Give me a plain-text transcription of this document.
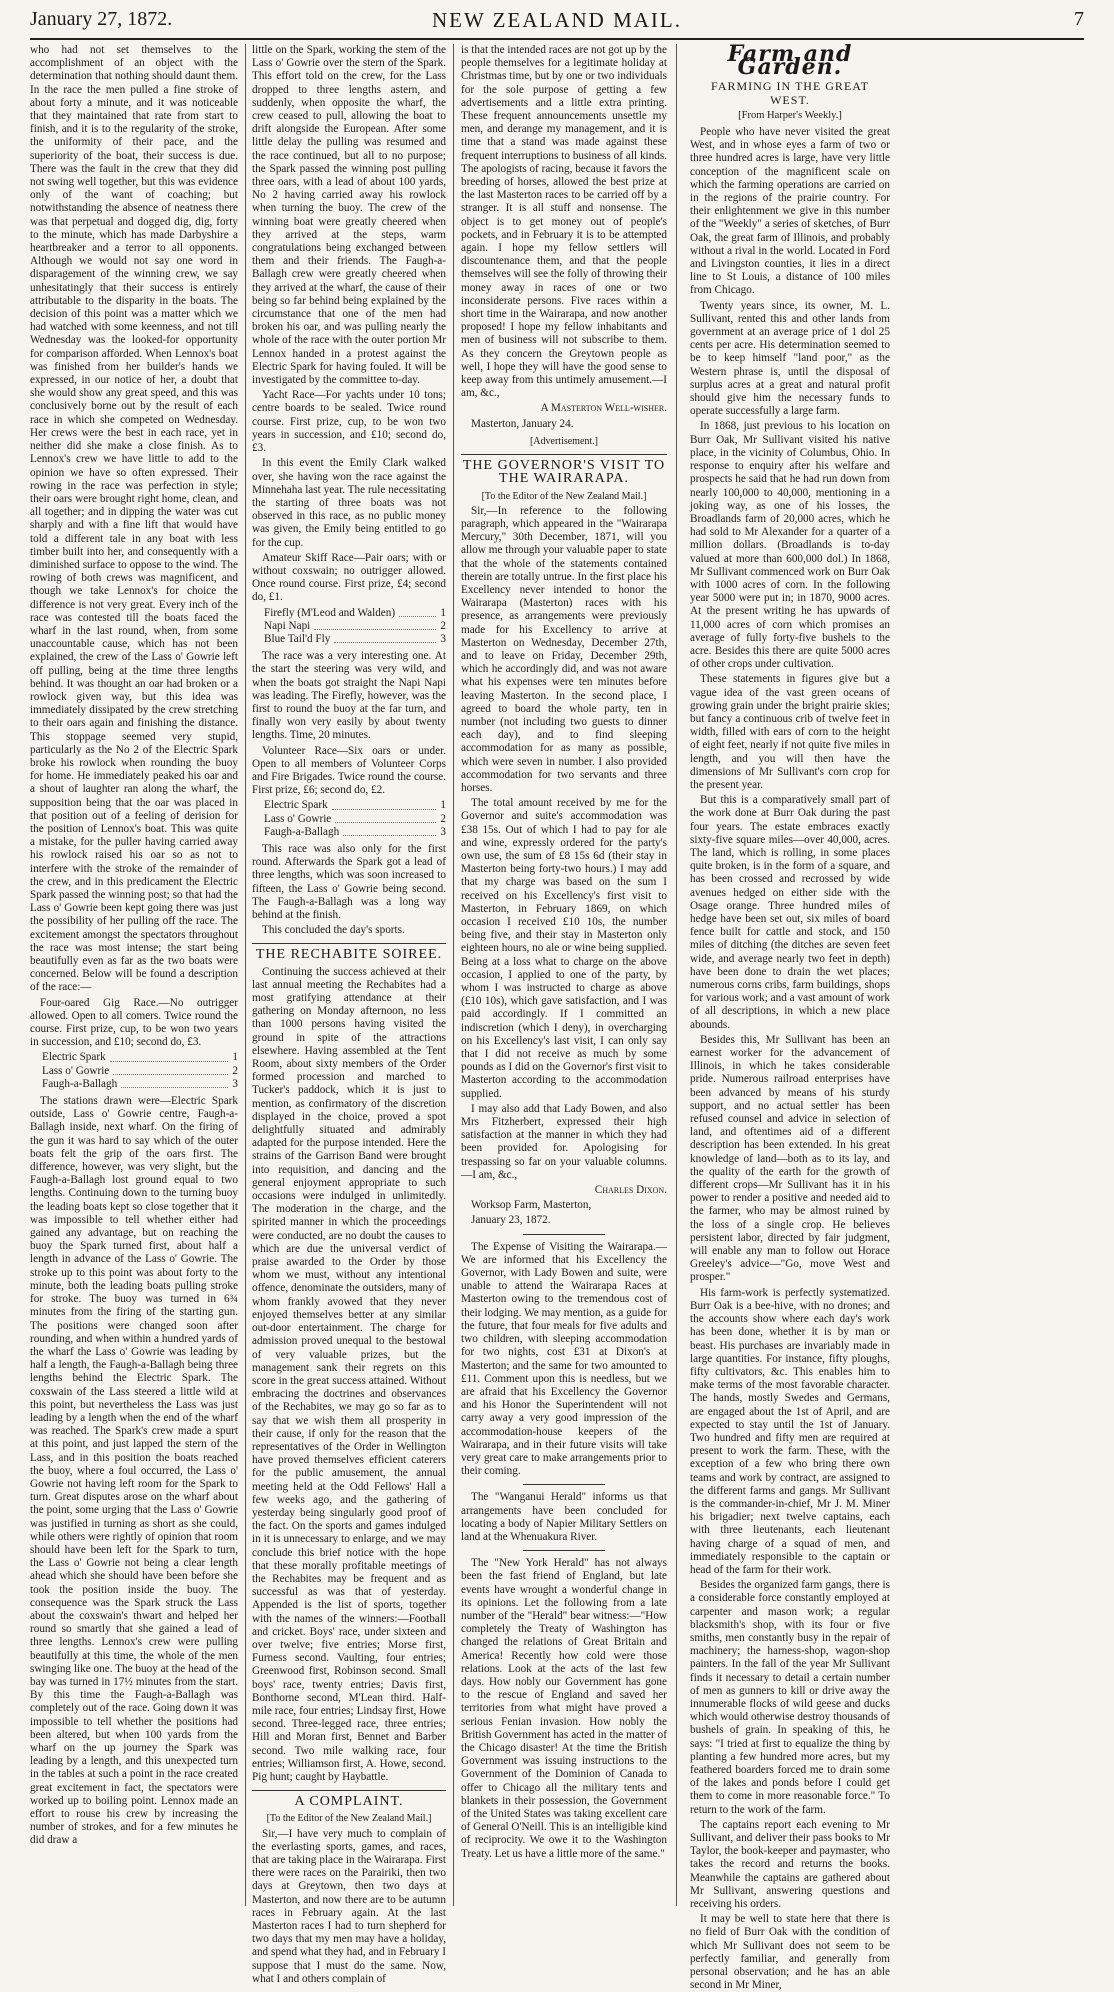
January 27, 1872.	NEW ZEALAND MAIL.	7

who had not set themselves to the accomplishment of an object with the determination that nothing should daunt them. In the race the men pulled a fine stroke of about forty a minute, and it was noticeable that they maintained that rate from start to finish, and it is to the regularity of the stroke, the uniformity of their pace, and the superiority of the boat, their success is due. There was the fault in the crew that they did not swing well together, but this was evidence only of the want of coaching; but notwithstanding the absence of neatness there was that perpetual and dogged dig, dig, forty to the minute, which has made Darbyshire a heartbreaker and a terror to all opponents. Although we would not say one word in disparagement of the winning crew, we say unhesitatingly that their success is entirely attributable to the disparity in the boats. The decision of this point was a matter which we had watched with some keenness, and not till Wednesday was the looked-for opportunity for comparison afforded. When Lennox's boat was finished from her builder's hands we expressed, in our notice of her, a doubt that she would show any great speed, and this was conclusively borne out by the result of each race in which she competed on Wednesday. Her crews were the best in each race, yet in neither did she make a close finish. As to Lennox's crew we have little to add to the opinion we have so often expressed. Their rowing in the race was perfection in style; their oars were brought right home, clean, and all together; and in dipping the water was cut sharply and with a fine lift that would have told a different tale in any boat with less timber built into her, and consequently with a diminished surface to oppose to the wind. The rowing of both crews was magnificent, and though we take Lennox's for choice the difference is not very great. Every inch of the race was contested till the boats faced the wharf in the last round, when, from some unaccountable cause, which has not been explained, the crew of the Lass o' Gowrie left off pulling, being at the time three lengths behind. It was thought an oar had broken or a rowlock given way, but this idea was immediately dissipated by the crew stretching to their oars again and finishing the distance. This stoppage seemed very stupid, particularly as the No 2 of the Electric Spark broke his rowlock when rounding the buoy for home. He immediately peaked his oar and a shout of laughter ran along the wharf, the supposition being that the oar was placed in that position out of a feeling of derision for the position of Lennox's boat. This was quite a mistake, for the puller having carried away his rowlock raised his oar so as not to interfere with the stroke of the remainder of the crew, and in this predicament the Electric Spark passed the winning post; so that had the Lass o' Gowrie been kept going there was just the possibility of her pulling off the race. The excitement amongst the spectators throughout the race was most intense; the start being beautifully even as far as the two boats were concerned. Below will be found a description of the race:—

Four-oared Gig Race.—No outrigger allowed. Open to all comers. Twice round the course. First prize, cup, to be won two years in succession, and £10; second do, £3.

Electric Spark	1
Lass o' Gowrie	2
Faugh-a-Ballagh	3

The stations drawn were—Electric Spark outside, Lass o' Gowrie centre, Faugh-a-Ballagh inside, next wharf. On the firing of the gun it was hard to say which of the outer boats felt the grip of the oars first. The difference, however, was very slight, but the Faugh-a-Ballagh lost ground equal to two lengths. Continuing down to the turning buoy the leading boats kept so close together that it was impossible to tell whether either had gained any advantage, but on reaching the buoy the Spark turned first, about half a length in advance of the Lass o' Gowrie. The stroke up to this point was about forty to the minute, both the leading boats pulling stroke for stroke. The buoy was turned in 6¾ minutes from the firing of the starting gun. The positions were changed soon after rounding, and when within a hundred yards of the wharf the Lass o' Gowrie was leading by half a length, the Faugh-a-Ballagh being three lengths behind the Electric Spark. The coxswain of the Lass steered a little wild at this point, but nevertheless the Lass was just leading by a length when the end of the wharf was reached. The Spark's crew made a spurt at this point, and just lapped the stern of the Lass, and in this position the boats reached the buoy, where a foul occurred, the Lass o' Gowrie not having left room for the Spark to turn. Great disputes arose on the wharf about the point, some urging that the Lass o' Gowrie was justified in turning as short as she could, while others were rightly of opinion that room should have been left for the Spark to turn, the Lass o' Gowrie not being a clear length ahead which she should have been before she took the position inside the buoy. The consequence was the Spark struck the Lass about the coxswain's thwart and helped her round so smartly that she gained a lead of three lengths. Lennox's crew were pulling beautifully at this time, the whole of the men swinging like one. The buoy at the head of the bay was turned in 17½ minutes from the start. By this time the Faugh-a-Ballagh was completely out of the race. Going down it was impossible to tell whether the positions had been altered, but when 100 yards from the wharf on the up journey the Spark was leading by a length, and this unexpected turn in the tables at such a point in the race created great excitement in fact, the spectators were worked up to boiling point. Lennox made an effort to rouse his crew by increasing the number of strokes, and for a few minutes he did draw a

little on the Spark, working the stem of the Lass o' Gowrie over the stern of the Spark. This effort told on the crew, for the Lass dropped to three lengths astern, and suddenly, when opposite the wharf, the crew ceased to pull, allowing the boat to drift alongside the European. After some little delay the pulling was resumed and the race continued, but all to no purpose; the Spark passed the winning post pulling three oars, with a lead of about 100 yards, No 2 having carried away his rowlock when turning the buoy. The crew of the winning boat were greatly cheered when they arrived at the steps, warm congratulations being exchanged between them and their friends. The Faugh-a-Ballagh crew were greatly cheered when they arrived at the wharf, the cause of their being so far behind being explained by the circumstance that one of the men had broken his oar, and was pulling nearly the whole of the race with the outer portion Mr Lennox handed in a protest against the Electric Spark for having fouled. It will be investigated by the committee to-day.

Yacht Race—For yachts under 10 tons; centre boards to be sealed. Twice round course. First prize, cup, to be won two years in succession, and £10; second do, £3.

In this event the Emily Clark walked over, she having won the race against the Minnehaha last year. The rule necessitating the starting of three boats was not observed in this race, as no public money was given, the Emily being entitled to go for the cup.

Amateur Skiff Race—Pair oars; with or without coxswain; no outrigger allowed. Once round course. First prize, £4; second do, £1.

Firefly (M'Leod and Walden)	1
Napi Napi	2
Blue Tail'd Fly	3

The race was a very interesting one. At the start the steering was very wild, and when the boats got straight the Napi Napi was leading. The Firefly, however, was the first to round the buoy at the far turn, and finally won very easily by about twenty lengths. Time, 20 minutes.

Volunteer Race—Six oars or under. Open to all members of Volunteer Corps and Fire Brigades. Twice round the course. First prize, £6; second do, £2.

Electric Spark	1
Lass o' Gowrie	2
Faugh-a-Ballagh	3

This race was also only for the first round. Afterwards the Spark got a lead of three lengths, which was soon increased to fifteen, the Lass o' Gowrie being second. The Faugh-a-Ballagh was a long way behind at the finish.

This concluded the day's sports.

THE RECHABITE SOIREE.

Continuing the success achieved at their last annual meeting the Rechabites had a most gratifying attendance at their gathering on Monday afternoon, no less than 1000 persons having visited the ground in spite of the attractions elsewhere. Having assembled at the Tent Room, about sixty members of the Order formed procession and marched to Tucker's paddock, which it is just to mention, as confirmatory of the discretion displayed in the choice, proved a spot delightfully situated and admirably adapted for the purpose intended. Here the strains of the Garrison Band were brought into requisition, and dancing and the general enjoyment appropriate to such occasions were indulged in unlimitedly. The moderation in the charge, and the spirited manner in which the proceedings were conducted, are no doubt the causes to which are due the universal verdict of praise awarded to the Order by those whom we must, without any intentional offence, denominate the outsiders, many of whom frankly avowed that they never enjoyed themselves better at any similar out-door entertainment. The charge for admission proved unequal to the bestowal of very valuable prizes, but the management sank their regrets on this score in the great success attained. Without embracing the doctrines and observances of the Rechabites, we may go so far as to say that we wish them all prosperity in their cause, if only for the reason that the representatives of the Order in Wellington have proved themselves efficient caterers for the public amusement, the annual meeting held at the Odd Fellows' Hall a few weeks ago, and the gathering of yesterday being singularly good proof of the fact. On the sports and games indulged in it is unnecessary to enlarge, and we may conclude this brief notice with the hope that these morally profitable meetings of the Rechabites may be frequent and as successful as was that of yesterday. Appended is the list of sports, together with the names of the winners:—Football and cricket. Boys' race, under sixteen and over twelve; five entries; Morse first, Furness second. Vaulting, four entries; Greenwood first, Robinson second. Small boys' race, twenty entries; Davis first, Bonthorne second, M'Lean third. Half-mile race, four entries; Lindsay first, Howe second. Three-legged race, three entries; Hill and Moran first, Bennet and Barber second. Two mile walking race, four entries; Williamson first, A. Howe, second. Pig hunt; caught by Haybattle.

A COMPLAINT.

[To the Editor of the New Zealand Mail.]

Sir,—I have very much to complain of the everlasting sports, games, and races, that are taking place in the Wairarapa. First there were races on the Parairiki, then two days at Greytown, then two days at Masterton, and now there are to be autumn races in February again. At the last Masterton races I had to turn shepherd for two days that my men may have a holiday, and spend what they had, and in February I suppose that I must do the same. Now, what I and others complain of

is that the intended races are not got up by the people themselves for a legitimate holiday at Christmas time, but by one or two individuals for the sole purpose of getting a few advertisements and a little extra printing. These frequent announcements unsettle my men, and derange my management, and it is time that a stand was made against these frequent interruptions to business of all kinds. The apologists of racing, because it favors the breeding of horses, allowed the best prize at the last Masterton races to be carried off by a stranger. It is all stuff and nonsense. The object is to get money out of people's pockets, and in February it is to be attempted again. I hope my fellow settlers will discountenance them, and that the people themselves will see the folly of throwing their money away in races of one or two inconsiderate persons. Five races within a short time in the Wairarapa, and now another proposed! I hope my fellow inhabitants and men of business will not subscribe to them. As they concern the Greytown people as well, I hope they will have the good sense to keep away from this untimely amusement.—I am, &c.,

A Masterton Well-wisher.

Masterton, January 24.

[Advertisement.]

THE GOVERNOR'S VISIT TO THE WAIRARAPA.

[To the Editor of the New Zealand Mail.]

Sir,—In reference to the following paragraph, which appeared in the "Wairarapa Mercury," 30th December, 1871, will you allow me through your valuable paper to state that the whole of the statements contained therein are totally untrue. In the first place his Excellency never intended to honor the Wairarapa (Masterton) races with his presence, as arrangements were previously made for his Excellency to arrive at Masterton on Wednesday, December 27th, and to leave on Friday, December 29th, which he accordingly did, and was not aware what his expenses were ten minutes before leaving Masterton. In the second place, I agreed to board the whole party, ten in number (not including two guests to dinner each day), and to find sleeping accommodation for as many as possible, which were seven in number. I also provided accommodation for two servants and three horses.

The total amount received by me for the Governor and suite's accommodation was £38 15s. Out of which I had to pay for ale and wine, expressly ordered for the party's own use, the sum of £8 15s 6d (their stay in Masterton being forty-two hours.) I may add that my charge was based on the sum I received on his Excellency's first visit to Masterton, in February 1869, on which occasion I received £10 10s, the number being five, and their stay in Masterton only eighteen hours, no ale or wine being supplied. Being at a loss what to charge on the above occasion, I applied to one of the party, by whom I was instructed to charge as above (£10 10s), which gave satisfaction, and I was paid accordingly. If I committed an indiscretion (which I deny), in overcharging on his Excellency's last visit, I can only say that I did not receive as much by some pounds as I did on the Governor's first visit to Masterton according to the accommodation supplied.

I may also add that Lady Bowen, and also Mrs Fitzherbert, expressed their high satisfaction at the manner in which they had been provided for. Apologising for trespassing so far on your valuable columns.—I am, &c.,

Charles Dixon.

Worksop Farm, Masterton,

January 23, 1872.

The Expense of Visiting the Wairarapa.—We are informed that his Excellency the Governor, with Lady Bowen and suite, were unable to attend the Wairarapa Races at Masterton owing to the tremendous cost of their lodging. We may mention, as a guide for the future, that four meals for five adults and two children, with sleeping accommodation for two nights, cost £31 at Dixon's at Masterton; and the same for two amounted to £11. Comment upon this is needless, but we are afraid that his Excellency the Governor and his Honor the Superintendent will not carry away a very good impression of the accommodation-house keepers of the Wairarapa, and in their future visits will take very great care to make arrangements prior to their coming.

The "Wanganui Herald" informs us that arrangements have been concluded for locating a body of Napier Military Settlers on land at the Whenuakura River.

The "New York Herald" has not always been the fast friend of England, but late events have wrought a wonderful change in its opinions. Let the following from a late number of the "Herald" bear witness:—"How completely the Treaty of Washington has changed the relations of Great Britain and America! Recently how cold were those relations. Look at the acts of the last few days. How nobly our Government has gone to the rescue of England and saved her territories from what might have proved a serious Fenian invasion. How nobly the British Government has acted in the matter of the Chicago disaster! At the time the British Government was issuing instructions to the Government of the Dominion of Canada to offer to Chicago all the military tents and blankets in their possession, the Government of the United States was taking excellent care of General O'Neill. This is an intelligible kind of reciprocity. We owe it to the Washington Treaty. Let us have a little more of the same."

Farm and Garden.

FARMING IN THE GREAT WEST.

[From Harper's Weekly.]

People who have never visited the great West, and in whose eyes a farm of two or three hundred acres is large, have very little conception of the magnificent scale on which the farming operations are carried on in the regions of the prairie country. For their enlightenment we give in this number of the "Weekly" a series of sketches, of Burr Oak, the great farm of Illinois, and probably without a rival in the world. Located in Ford and Livingston counties, it lies in a direct line to St Louis, a distance of 100 miles from Chicago.

Twenty years since, its owner, M. L. Sullivant, rented this and other lands from government at an average price of 1 dol 25 cents per acre. His determination seemed to be to keep himself "land poor," as the Western phrase is, until the disposal of surplus acres at a great and natural profit should give him the necessary funds to operate successfully a large farm.

In 1868, just previous to his location on Burr Oak, Mr Sullivant visited his native place, in the vicinity of Columbus, Ohio. In response to enquiry after his welfare and prospects he said that he had run down from nearly 100,000 to 40,000, mentioning in a joking way, as one of his losses, the Broadlands farm of 20,000 acres, which he had sold to Mr Alexander for a quarter of a million dollars. (Broadlands is to-day valued at more than 600,000 dol.) In 1868, Mr Sullivant commenced work on Burr Oak with 1000 acres of corn. In the following year 5000 were put in; in 1870, 9000 acres. At the present writing he has upwards of 11,000 acres of corn which promises an average of fully forty-five bushels to the acre. Besides this there are quite 5000 acres of other crops under cultivation.

These statements in figures give but a vague idea of the vast green oceans of growing grain under the bright prairie skies; but fancy a continuous crib of twelve feet in width, filled with ears of corn to the height of eight feet, nearly if not quite five miles in length, and you will then have the dimensions of Mr Sullivant's corn crop for the present year.

But this is a comparatively small part of the work done at Burr Oak during the past four years. The estate embraces exactly sixty-five square miles—over 40,000, acres. The land, which is rolling, in some places quite broken, is in the form of a square, and has been crossed and recrossed by wide avenues hedged on either side with the Osage orange. Three hundred miles of hedge have been set out, six miles of board fence built for cattle and stock, and 150 miles of ditching (the ditches are seven feet wide, and average nearly two feet in depth) have been done to drain the wet places; numerous corns cribs, farm buildings, shops for various work; and a vast amount of work of all descriptions, in which a new place abounds.

Besides this, Mr Sullivant has been an earnest worker for the advancement of Illinois, in which he takes considerable pride. Numerous railroad enterprises have been advanced by means of his sturdy support, and no actual settler has been refused counsel and advice in selection of land, and oftentimes aid of a different description has been extended. In his great knowledge of land—both as to its lay, and the quality of the earth for the growth of different crops—Mr Sullivant has it in his power to render a positive and needed aid to the farmer, who may be almost ruined by the loss of a single crop. He believes persistent labor, directed by fair judgment, will enable any man to follow out Horace Greeley's advice—"Go, move West and prosper."

His farm-work is perfectly systematized. Burr Oak is a bee-hive, with no drones; and the accounts show where each day's work has been done, whether it is by man or beast. His purchases are invariably made in large quantities. For instance, fifty ploughs, fifty cultivators, &c. This enables him to make terms of the most favorable character. The hands, mostly Swedes and Germans, are engaged about the 1st of April, and are expected to stay until the 1st of January. Two hundred and fifty men are required at present to work the farm. These, with the exception of a few who bring there own teams and work by contract, are assigned to the different farms and gangs. Mr Sullivant is the commander-in-chief, Mr J. M. Miner his brigadier; next twelve captains, each with three lieutenants, each lieutenant having charge of a squad of men, and immediately responsible to the captain or head of the farm for their work.

Besides the organized farm gangs, there is a considerable force constantly employed at carpenter and mason work; a regular blacksmith's shop, with its four or five smiths, men constantly busy in the repair of machinery; the harness-shop, wagon-shop painters. In the fall of the year Mr Sullivant finds it necessary to detail a certain number of men as gunners to kill or drive away the innumerable flocks of wild geese and ducks which would otherwise destroy thousands of bushels of grain. In speaking of this, he says: "I tried at first to equalize the thing by planting a few hundred more acres, but my feathered boarders forced me to drain some of the lakes and ponds before I could get them to come in more reasonable force." To return to the work of the farm.

The captains report each evening to Mr Sullivant, and deliver their pass books to Mr Taylor, the book-keeper and paymaster, who takes the record and returns the books. Meanwhile the captains are gathered about Mr Sullivant, answering questions and receiving his orders.

It may be well to state here that there is no field of Burr Oak with the condition of which Mr Sullivant does not seem to be perfectly familiar, and generally from personal observation; and he has an able second in Mr Miner,
